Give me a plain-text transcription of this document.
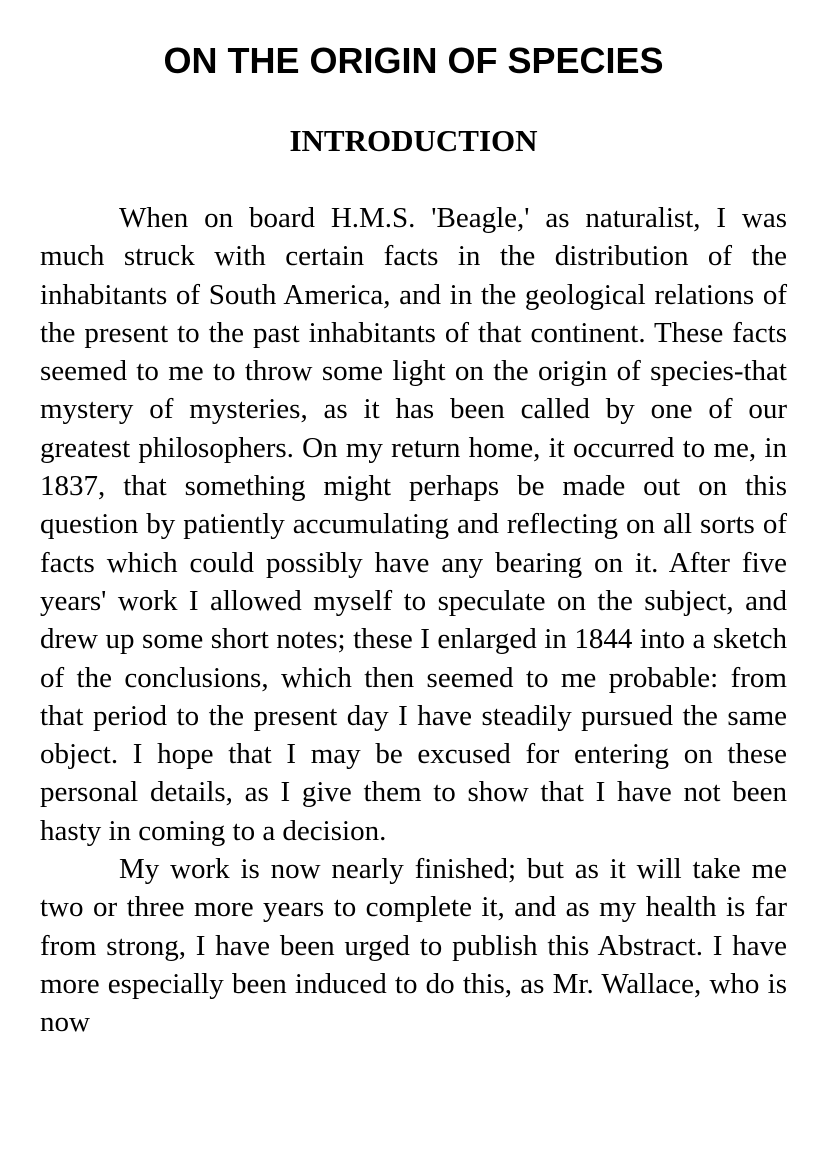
ON THE ORIGIN OF SPECIES
INTRODUCTION

When on board H.M.S. 'Beagle,' as naturalist, I was much struck with certain facts in the distribution of the inhabitants of South America, and in the geological relations of the present to the past inhabitants of that continent. These facts seemed to me to throw some light on the origin of species-that mystery of mysteries, as it has been called by one of our greatest philosophers. On my return home, it occurred to me, in 1837, that something might perhaps be made out on this question by patiently accumulating and reflecting on all sorts of facts which could possibly have any bearing on it. After five years' work I allowed myself to speculate on the subject, and drew up some short notes; these I enlarged in 1844 into a sketch of the conclusions, which then seemed to me probable: from that period to the present day I have steadily pursued the same object. I hope that I may be excused for entering on these personal details, as I give them to show that I have not been hasty in coming to a decision.

My work is now nearly finished; but as it will take me two or three more years to complete it, and as my health is far from strong, I have been urged to publish this Abstract. I have more especially been induced to do this, as Mr. Wallace, who is now
